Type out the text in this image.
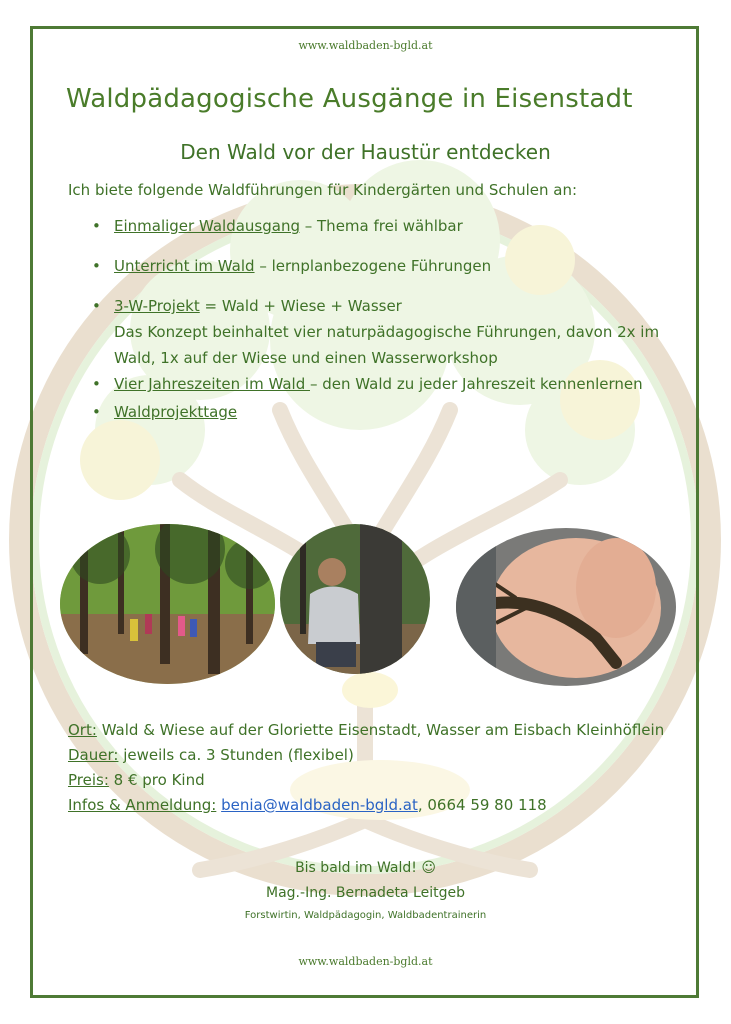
www.waldbaden-bgld.at
Waldpädagogische Ausgänge in Eisenstadt
Den Wald vor der Haustür entdecken
Ich biete folgende Waldführungen für Kindergärten und Schulen an:
• Einmaliger Waldausgang – Thema frei wählbar
• Unterricht im Wald – lernplanbezogene Führungen
• 3-W-Projekt = Wald + Wiese + Wasser
Das Konzept beinhaltet vier naturpädagogische Führungen, davon 2x im Wald, 1x auf der Wiese und einen Wasserworkshop
• Vier Jahreszeiten im Wald – den Wald zu jeder Jahreszeit kennenlernen
• Waldprojekttage
Ort: Wald & Wiese auf der Gloriette Eisenstadt, Wasser am Eisbach Kleinhöflein
Dauer: jeweils ca. 3 Stunden (flexibel)
Preis: 8 € pro Kind
Infos & Anmeldung: benia@waldbaden-bgld.at, 0664 59 80 118
Bis bald im Wald! ☺
Mag.-Ing. Bernadeta Leitgeb
Forstwirtin, Waldpädagogin, Waldbadentrainerin
www.waldbaden-bgld.at
